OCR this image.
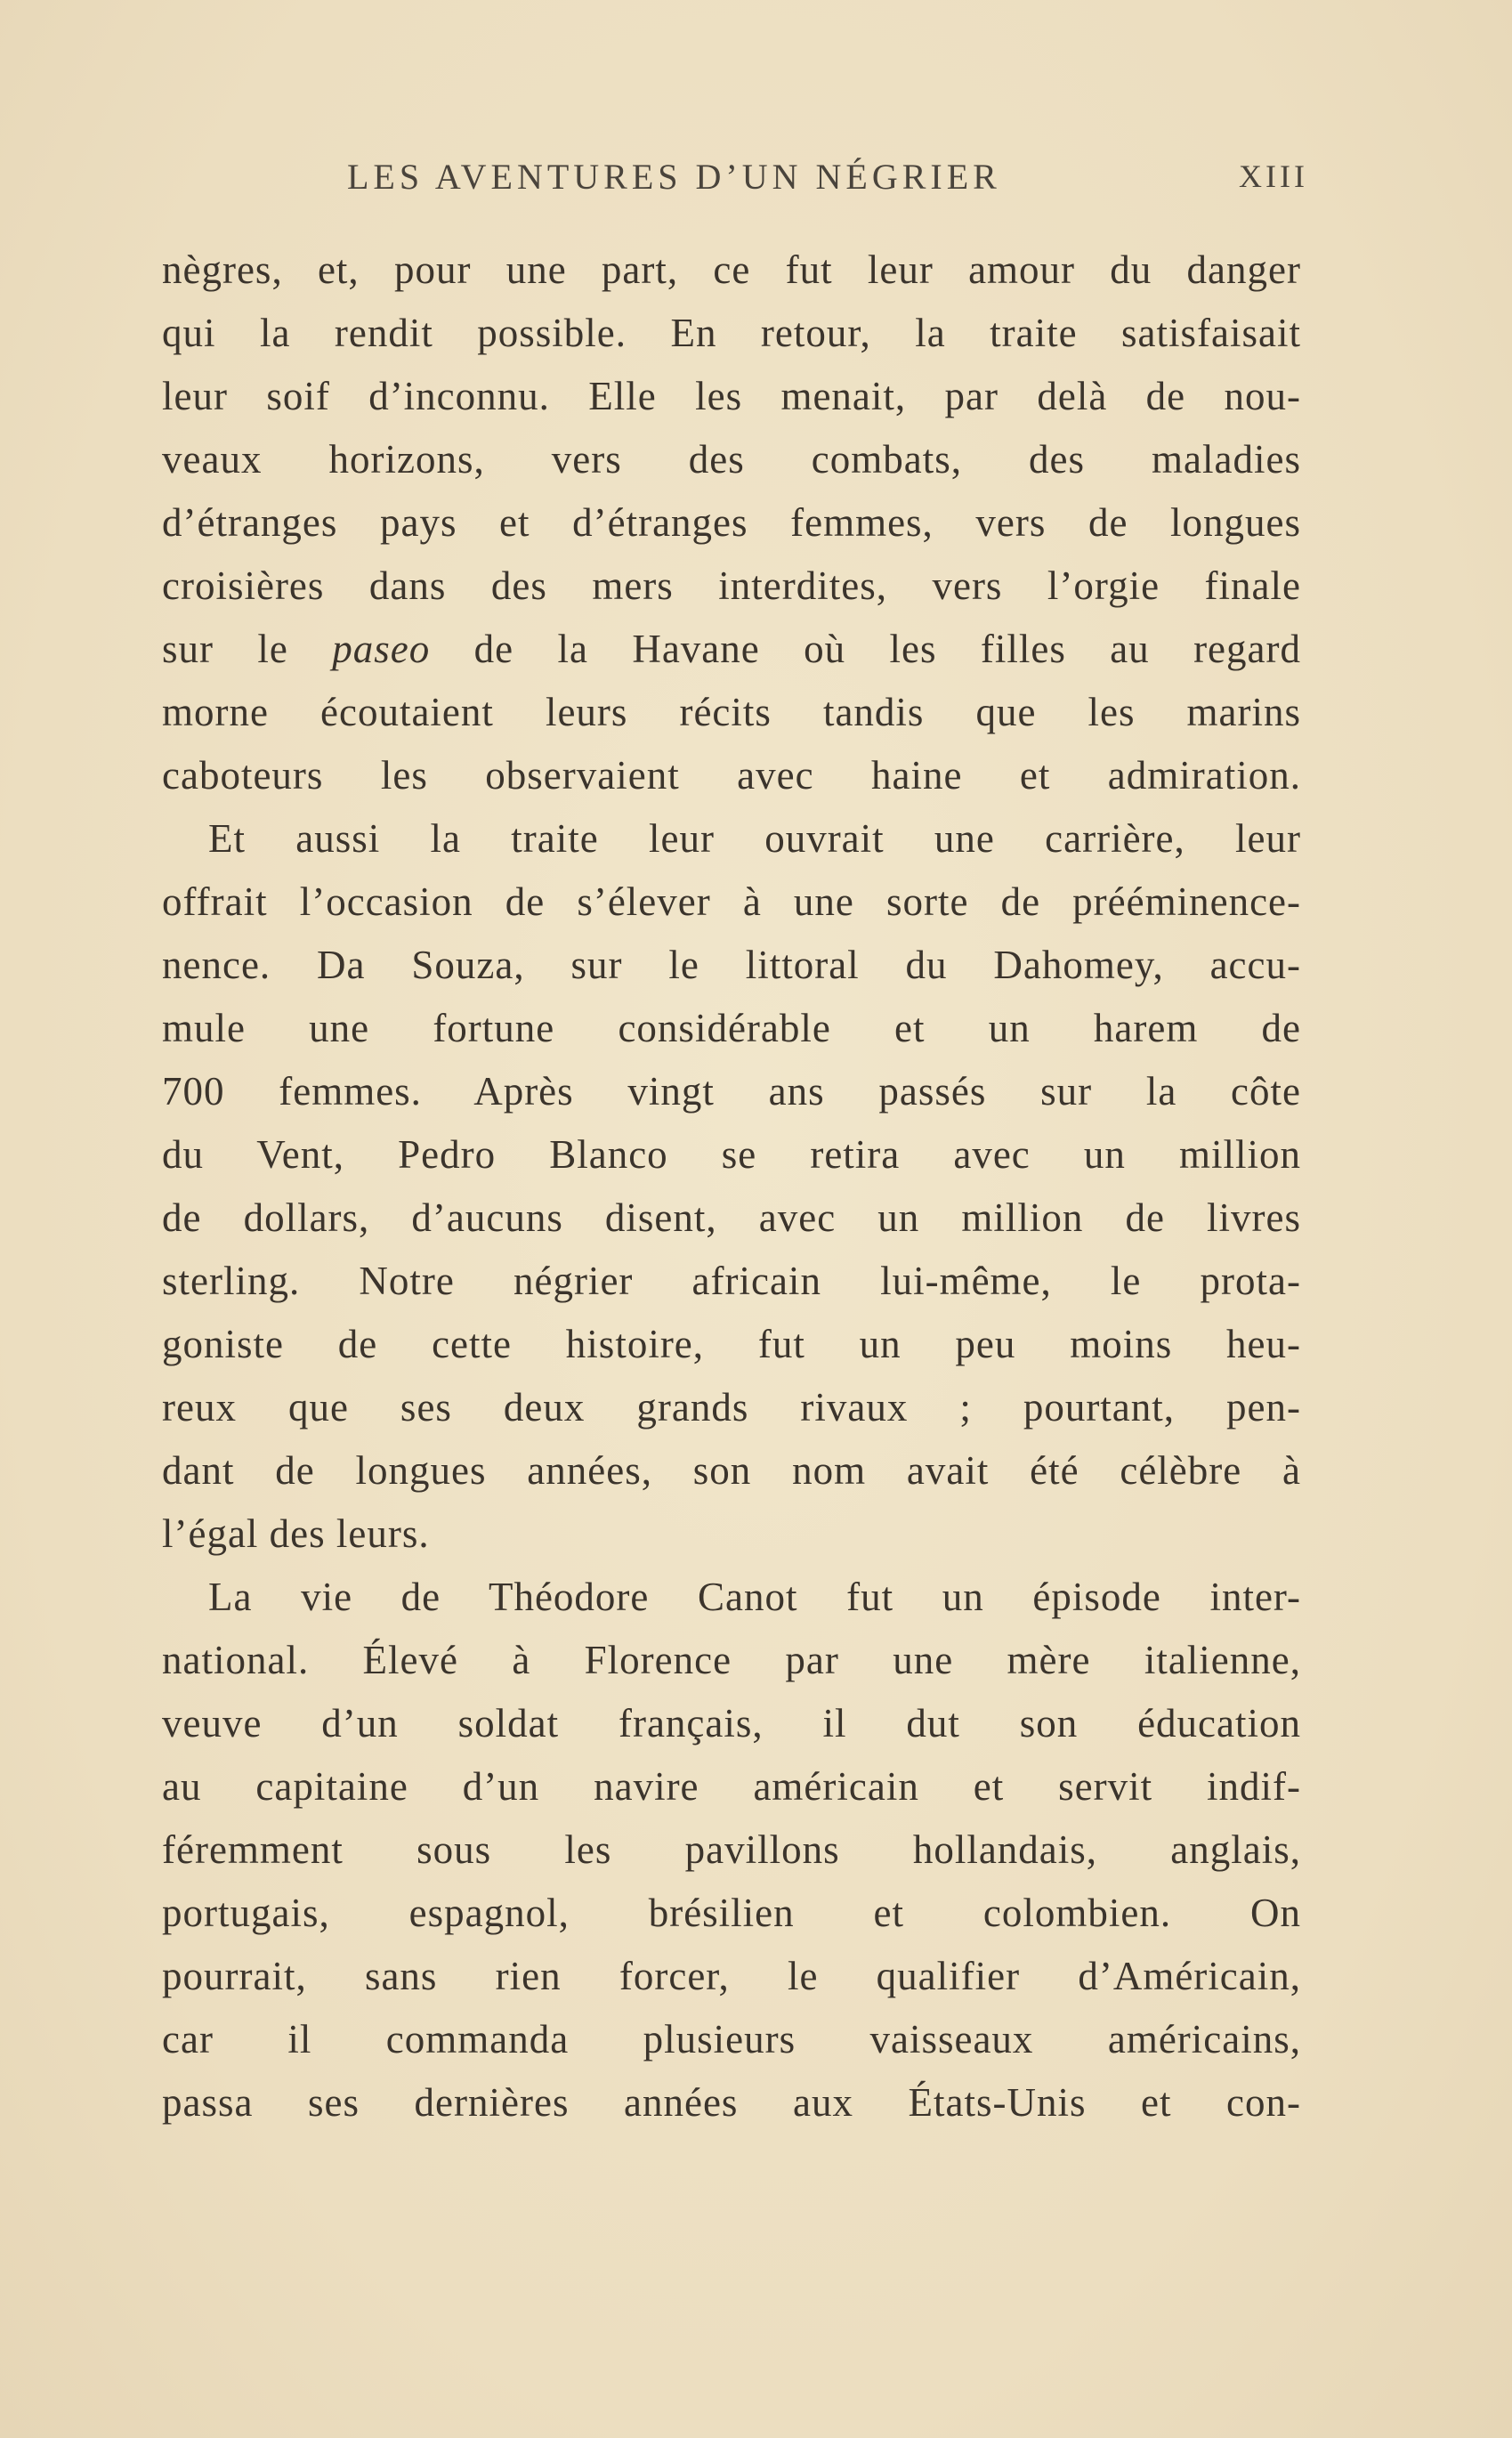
LES AVENTURES D’UN NÉGRIER	XIII
nègres, et, pour une part, ce fut leur amour du danger
qui la rendit possible. En retour, la traite satisfaisait
leur soif d’inconnu. Elle les menait, par delà de nou-
veaux horizons, vers des combats, des maladies
d’étranges pays et d’étranges femmes, vers de longues
croisières dans des mers interdites, vers l’orgie finale
sur le paseo de la Havane où les filles au regard
morne écoutaient leurs récits tandis que les marins
caboteurs les observaient avec haine et admiration.
Et aussi la traite leur ouvrait une carrière, leur
offrait l’occasion de s’élever à une sorte de prééminence-
nence. Da Souza, sur le littoral du Dahomey, accu-
mule une fortune considérable et un harem de
700 femmes. Après vingt ans passés sur la côte
du Vent, Pedro Blanco se retira avec un million
de dollars, d’aucuns disent, avec un million de livres
sterling. Notre négrier africain lui-même, le prota-
goniste de cette histoire, fut un peu moins heu-
reux que ses deux grands rivaux ; pourtant, pen-
dant de longues années, son nom avait été célèbre à
l’égal des leurs.
La vie de Théodore Canot fut un épisode inter-
national. Élevé à Florence par une mère italienne,
veuve d’un soldat français, il dut son éducation
au capitaine d’un navire américain et servit indif-
féremment sous les pavillons hollandais, anglais,
portugais, espagnol, brésilien et colombien. On
pourrait, sans rien forcer, le qualifier d’Américain,
car il commanda plusieurs vaisseaux américains,
passa ses dernières années aux États-Unis et con-
